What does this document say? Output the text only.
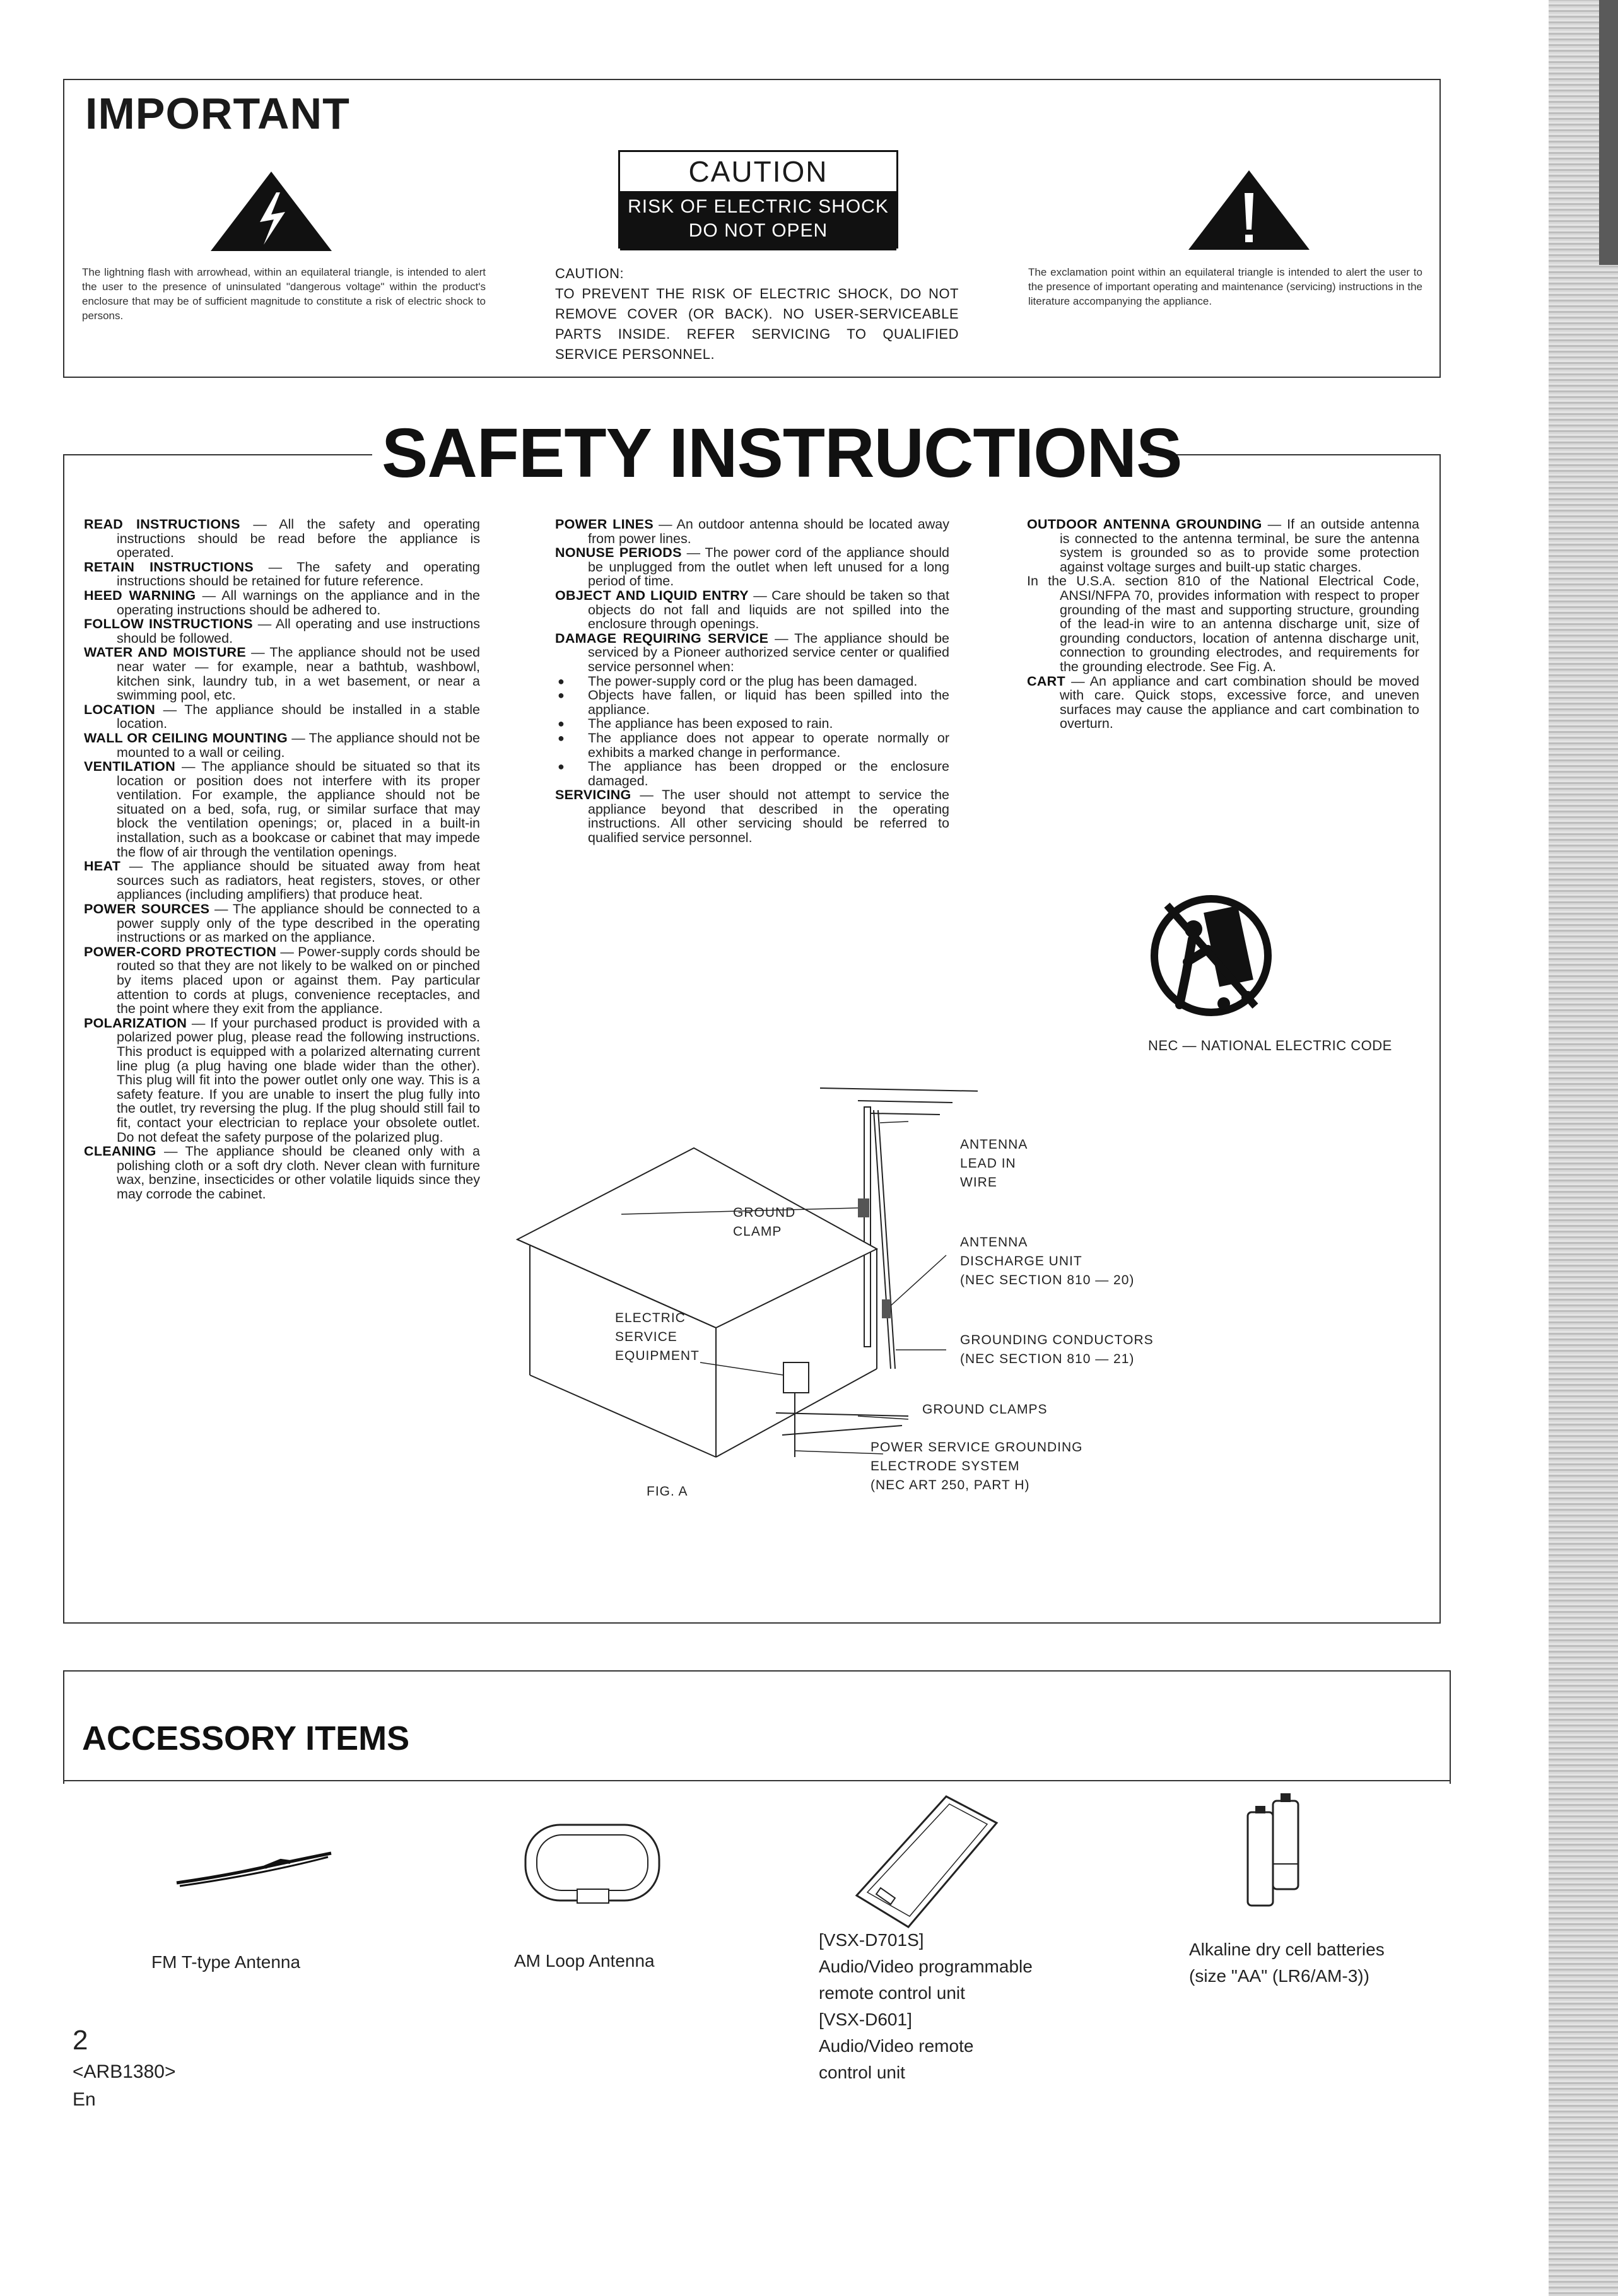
IMPORTANT
The lightning flash with arrowhead, within an equilateral triangle, is intended to alert the user to the presence of uninsulated "dangerous voltage" within the product's enclosure that may be of sufficient magnitude to constitute a risk of electric shock to persons.
CAUTION
RISK OF ELECTRIC SHOCK
DO NOT OPEN
CAUTION:
TO PREVENT THE RISK OF ELECTRIC SHOCK, DO NOT REMOVE COVER (OR BACK). NO USER-SERVICEABLE PARTS INSIDE. REFER SERVICING TO QUALIFIED SERVICE PERSONNEL.
The exclamation point within an equilateral triangle is intended to alert the user to the presence of important operating and maintenance (servicing) instructions in the literature accompanying the appliance.
SAFETY INSTRUCTIONS

READ INSTRUCTIONS — All the safety and operating instructions should be read before the appliance is operated.

RETAIN INSTRUCTIONS — The safety and operating instructions should be retained for future reference.

HEED WARNING — All warnings on the appliance and in the operating instructions should be adhered to.

FOLLOW INSTRUCTIONS — All operating and use instructions should be followed.

WATER AND MOISTURE — The appliance should not be used near water — for example, near a bathtub, washbowl, kitchen sink, laundry tub, in a wet basement, or near a swimming pool, etc.

LOCATION — The appliance should be installed in a stable location.

WALL OR CEILING MOUNTING — The appliance should not be mounted to a wall or ceiling.

VENTILATION — The appliance should be situated so that its location or position does not interfere with its proper ventilation. For example, the appliance should not be situated on a bed, sofa, rug, or similar surface that may block the ventilation openings; or, placed in a built-in installation, such as a bookcase or cabinet that may impede the flow of air through the ventilation openings.

HEAT — The appliance should be situated away from heat sources such as radiators, heat registers, stoves, or other appliances (including amplifiers) that produce heat.

POWER SOURCES — The appliance should be connected to a power supply only of the type described in the operating instructions or as marked on the appliance.

POWER-CORD PROTECTION — Power-supply cords should be routed so that they are not likely to be walked on or pinched by items placed upon or against them. Pay particular attention to cords at plugs, convenience receptacles, and the point where they exit from the appliance.

POLARIZATION — If your purchased product is provided with a polarized power plug, please read the following instructions. This product is equipped with a polarized alternating current line plug (a plug having one blade wider than the other). This plug will fit into the power outlet only one way. This is a safety feature. If you are unable to insert the plug fully into the outlet, try reversing the plug. If the plug should still fail to fit, contact your electrician to replace your obsolete outlet. Do not defeat the safety purpose of the polarized plug.

CLEANING — The appliance should be cleaned only with a polishing cloth or a soft dry cloth. Never clean with furniture wax, benzine, insecticides or other volatile liquids since they may corrode the cabinet.

POWER LINES — An outdoor antenna should be located away from power lines.

NONUSE PERIODS — The power cord of the appliance should be unplugged from the outlet when left unused for a long period of time.

OBJECT AND LIQUID ENTRY — Care should be taken so that objects do not fall and liquids are not spilled into the enclosure through openings.

DAMAGE REQUIRING SERVICE — The appliance should be serviced by a Pioneer authorized service center or qualified service personnel when:

● The power-supply cord or the plug has been damaged.
● Objects have fallen, or liquid has been spilled into the appliance.
● The appliance has been exposed to rain.
● The appliance does not appear to operate normally or exhibits a marked change in performance.
● The appliance has been dropped or the enclosure damaged.

SERVICING — The user should not attempt to service the appliance beyond that described in the operating instructions. All other servicing should be referred to qualified service personnel.

OUTDOOR ANTENNA GROUNDING — If an outside antenna is connected to the antenna terminal, be sure the antenna system is grounded so as to provide some protection against voltage surges and built-up static charges.

In the U.S.A. section 810 of the National Electrical Code, ANSI/NFPA 70, provides information with respect to proper grounding of the mast and supporting structure, grounding of the lead-in wire to an antenna discharge unit, size of grounding conductors, location of antenna discharge unit, connection to grounding electrodes, and requirements for the grounding electrode. See Fig. A.

CART — An appliance and cart combination should be moved with care. Quick stops, excessive force, and uneven surfaces may cause the appliance and cart combination to overturn.

NEC — NATIONAL ELECTRIC CODE
ANTENNA
LEAD IN
WIRE
GROUND
CLAMP
ANTENNA
DISCHARGE UNIT
(NEC SECTION 810 — 20)
ELECTRIC
SERVICE
EQUIPMENT
GROUNDING CONDUCTORS
(NEC SECTION 810 — 21)
GROUND CLAMPS
POWER SERVICE GROUNDING
ELECTRODE SYSTEM
(NEC ART 250, PART H)
FIG. A
ACCESSORY ITEMS
FM T-type Antenna	AM Loop Antenna
[VSX-D701S]
Audio/Video programmable
remote control unit
[VSX-D601]
Audio/Video remote
control unit
Alkaline dry cell batteries
(size "AA" (LR6/AM-3))
2
<ARB1380>
En
